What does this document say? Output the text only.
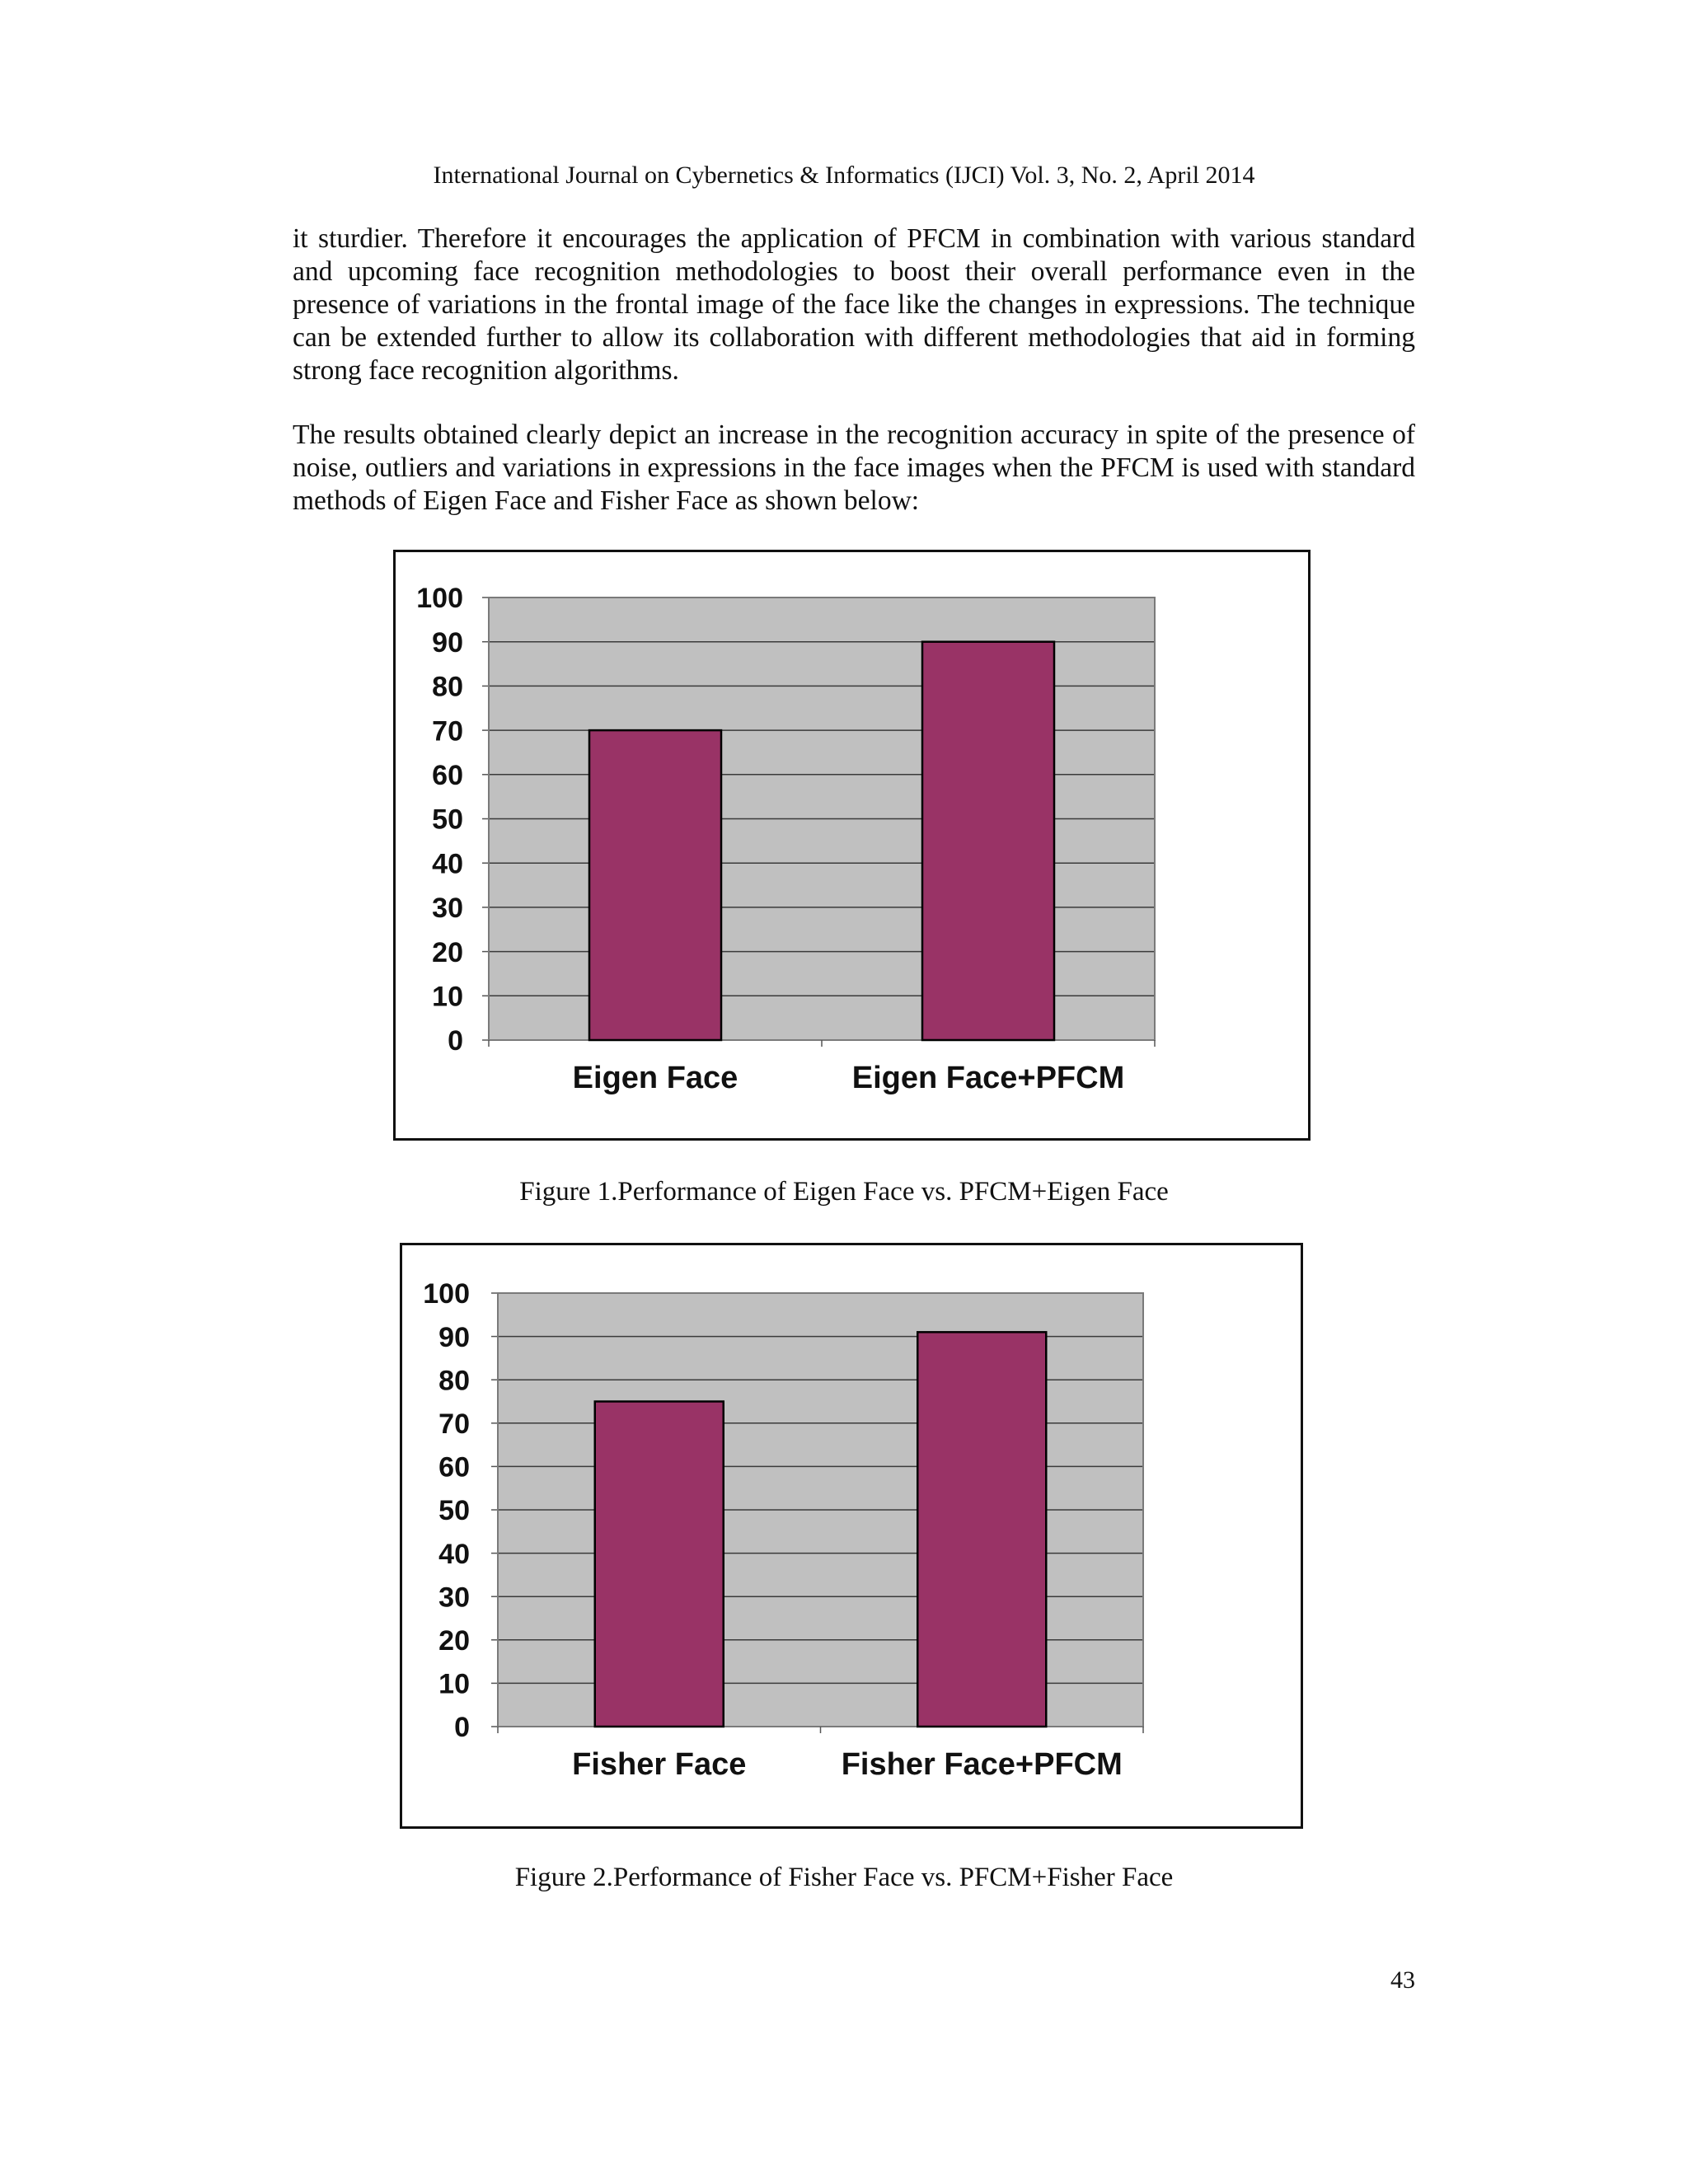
International Journal on Cybernetics & Informatics (IJCI) Vol. 3, No. 2, April 2014
it sturdier. Therefore it encourages the application of PFCM in combination with various standard and upcoming face recognition methodologies to boost their overall performance even in the presence of variations in the frontal image of the face like the changes in expressions. The technique can be extended further to allow its collaboration with different methodologies that aid in forming strong face recognition algorithms.
The results obtained clearly depict an increase in the recognition accuracy in spite of the presence of noise, outliers and variations in expressions in the face images when the PFCM is used with standard methods of Eigen Face and Fisher Face as shown below:
0
10
20
30
40
50
60
70
80
90
100
Eigen Face	Eigen Face+PFCM
Figure 1.Performance of Eigen Face vs. PFCM+Eigen Face
0
10
20
30
40
50
60
70
80
90
100
Fisher Face	Fisher Face+PFCM
Figure 2.Performance of Fisher Face vs. PFCM+Fisher Face
43
